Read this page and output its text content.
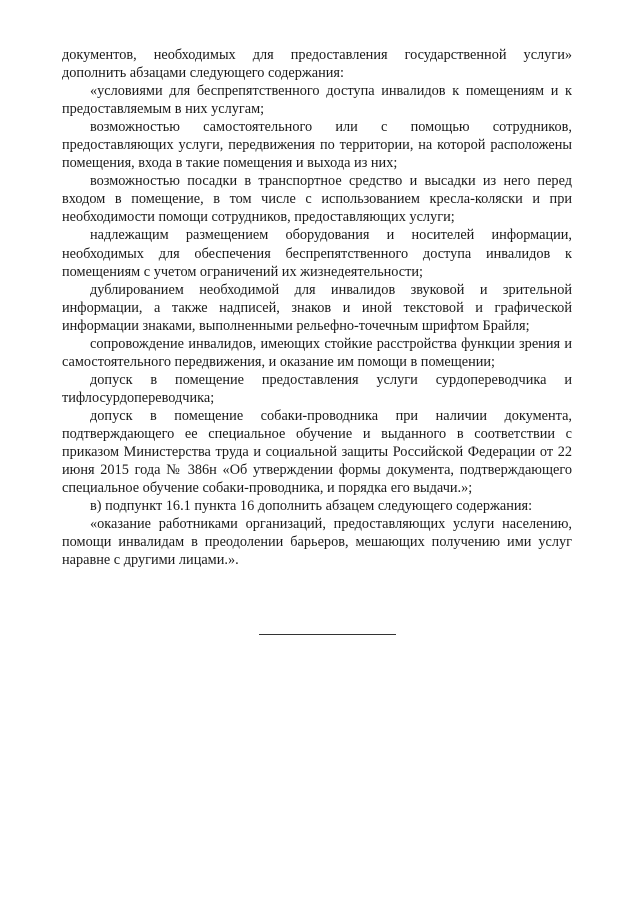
документов, необходимых для предоставления государственной услуги» дополнить абзацами следующего содержания:

«условиями для беспрепятственного доступа инвалидов к помещениям и к предоставляемым в них услугам;

возможностью самостоятельного или с помощью сотрудников, предоставляющих услуги, передвижения по территории, на которой расположены помещения, входа в такие помещения и выхода из них;

возможностью посадки в транспортное средство и высадки из него перед входом в помещение, в том числе с использованием кресла-коляски и при необходимости помощи сотрудников, предоставляющих услуги;

надлежащим размещением оборудования и носителей информации, необходимых для обеспечения беспрепятственного доступа инвалидов к помещениям с учетом ограничений их жизнедеятельности;

дублированием необходимой для инвалидов звуковой и зрительной информации, а также надписей, знаков и иной текстовой и графической информации знаками, выполненными рельефно-точечным шрифтом Брайля;

сопровождение инвалидов, имеющих стойкие расстройства функции зрения и самостоятельного передвижения, и оказание им помощи в помещении;

допуск в помещение предоставления услуги сурдопереводчика и тифлосурдопереводчика;

допуск в помещение собаки-проводника при наличии документа, подтверждающего ее специальное обучение и выданного в соответствии с приказом Министерства труда и социальной защиты Российской Федерации от 22 июня 2015 года № 386н «Об утверждении формы документа, подтверждающего специальное обучение собаки-проводника, и порядка его выдачи.»;

в) подпункт 16.1 пункта 16 дополнить абзацем следующего содержания:

«оказание работниками организаций, предоставляющих услуги населению, помощи инвалидам в преодолении барьеров, мешающих получению ими услуг наравне с другими лицами.».
